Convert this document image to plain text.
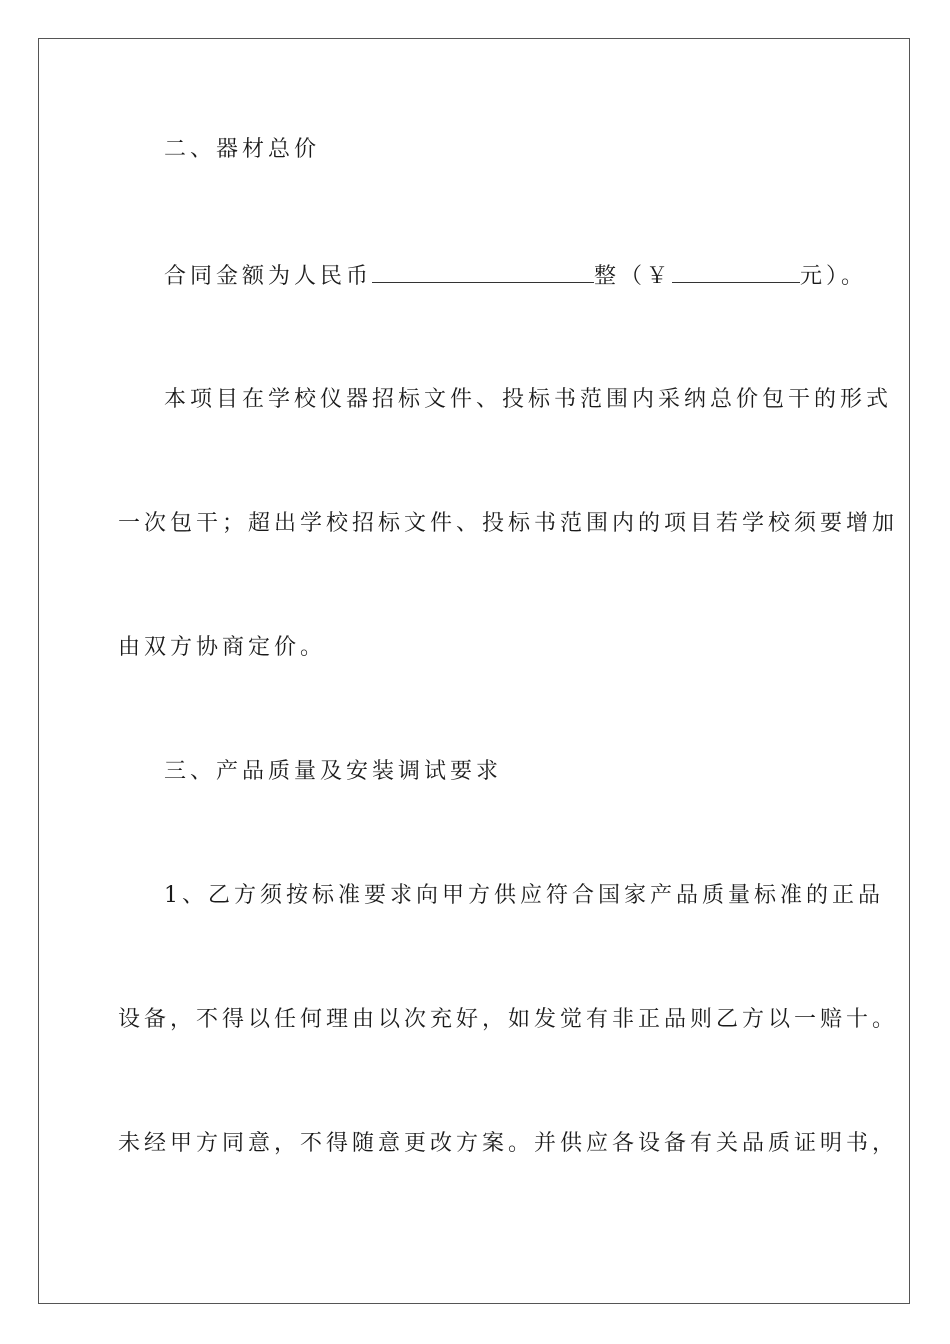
二、器材总价
合同金额为人民币	整（￥	元）。
本项目在学校仪器招标文件、投标书范围内采纳总价包干的形式
一次包干；超出学校招标文件、投标书范围内的项目若学校须要增加
由双方协商定价。
三、产品质量及安装调试要求
1、乙方须按标准要求向甲方供应符合国家产品质量标准的正品
设备，不得以任何理由以次充好，如发觉有非正品则乙方以一赔十。
未经甲方同意，不得随意更改方案。并供应各设备有关品质证明书，
